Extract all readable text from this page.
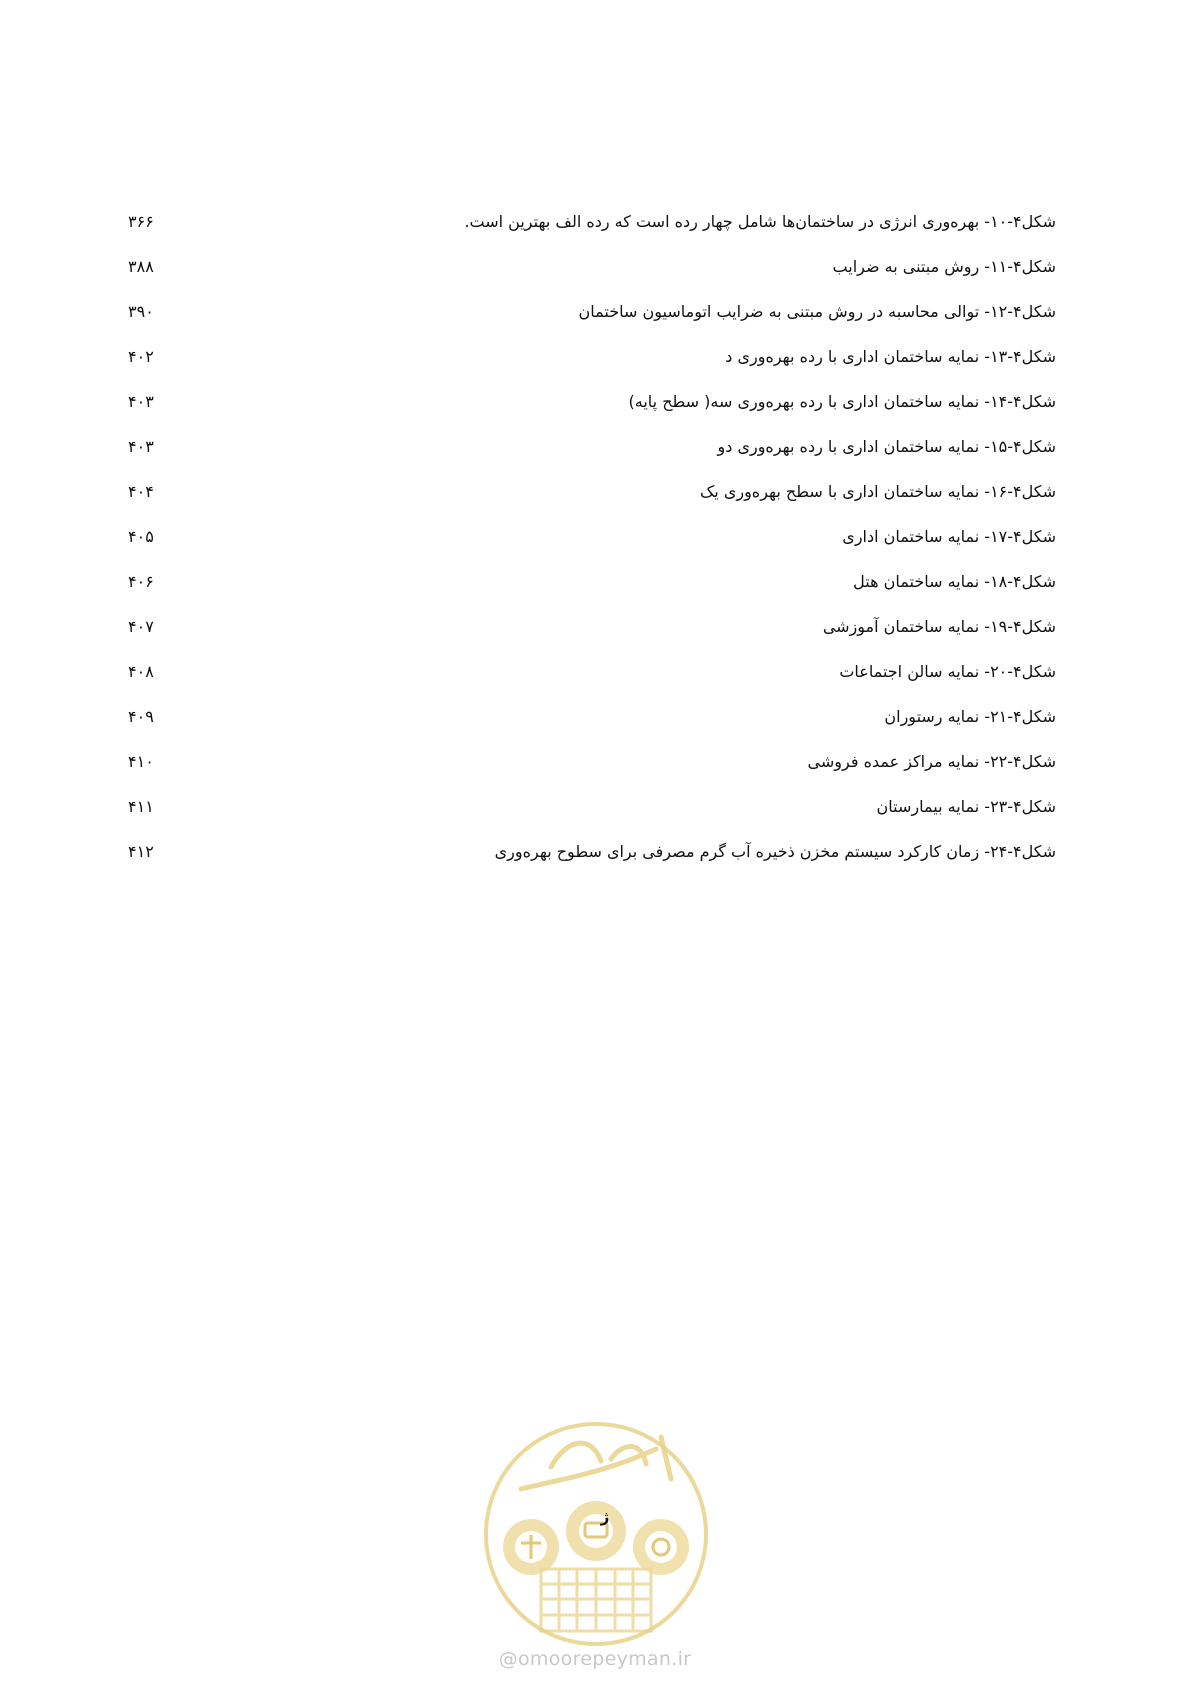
شکل۴-۱۰- بهره‌وری انرژی در ساختمان‌ها شامل چهار رده است که رده الف بهترین است.
۳۶۶
شکل۴-۱۱- روش مبتنی به ضرایب
۳۸۸
شکل۴-۱۲- توالی محاسبه در روش مبتنی به ضرایب اتوماسیون ساختمان
۳۹۰
شکل۴-۱۳- نمایه ساختمان اداری با رده بهره‌وری د
۴۰۲
شکل۴-۱۴- نمایه ساختمان اداری با رده بهره‌وری سه( سطح پایه)
۴۰۳
شکل۴-۱۵- نمایه ساختمان اداری با رده بهره‌وری دو
۴۰۳
شکل۴-۱۶- نمایه ساختمان اداری با سطح بهره‌وری یک
۴۰۴
شکل۴-۱۷- نمایه ساختمان اداری
۴۰۵
شکل۴-۱۸- نمایه ساختمان هتل
۴۰۶
شکل۴-۱۹- نمایه ساختمان آموزشی
۴۰۷
شکل۴-۲۰- نمایه سالن اجتماعات
۴۰۸
شکل۴-۲۱- نمایه رستوران
۴۰۹
شکل۴-۲۲- نمایه مراکز عمده فروشی
۴۱۰
شکل۴-۲۳- نمایه بیمارستان
۴۱۱
شکل۴-۲۴- زمان کارکرد سیستم مخزن ذخیره آب گرم مصرفی برای سطوح بهره‌وری
۴۱۲
ژ
@omoorepeyman.ir
